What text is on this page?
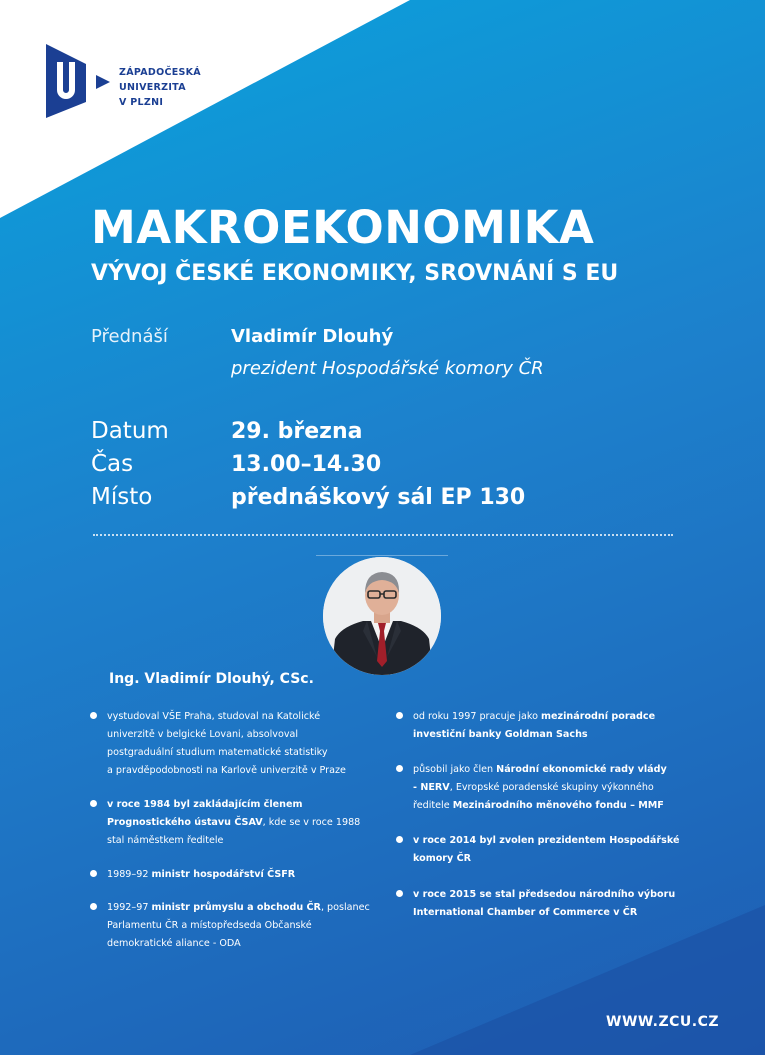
ZÁPADOČESKÁ
UNIVERZITA
V PLZNI
MAKROEKONOMIKA
VÝVOJ ČESKÉ EKONOMIKY, SROVNÁNÍ S EU
Přednáší	Vladimír Dlouhý
prezident Hospodářské komory ČR
Datum	29. března
Čas	13.00–14.30
Místo	přednáškový sál EP 130
Ing. Vladimír Dlouhý, CSc.
vystudoval VŠE Praha, studoval na Katolické
univerzitě v belgické Lovani, absolvoval
postgraduální studium matematické statistiky
a pravděpodobnosti na Karlově univerzitě v Praze
v roce 1984 byl zakládajícím členem
Prognostického ústavu ČSAV, kde se v roce 1988
stal náměstkem ředitele
1989–92 ministr hospodářství ČSFR
1992–97 ministr průmyslu a obchodu ČR, poslanec
Parlamentu ČR a místopředseda Občanské
demokratické aliance - ODA
od roku 1997 pracuje jako mezinárodní poradce
investiční banky Goldman Sachs
působil jako člen Národní ekonomické rady vlády
- NERV, Evropské poradenské skupiny výkonného
ředitele Mezinárodního měnového fondu – MMF
v roce 2014 byl zvolen prezidentem Hospodářské
komory ČR
v roce 2015 se stal předsedou národního výboru
International Chamber of Commerce v ČR
WWW.ZCU.CZ
